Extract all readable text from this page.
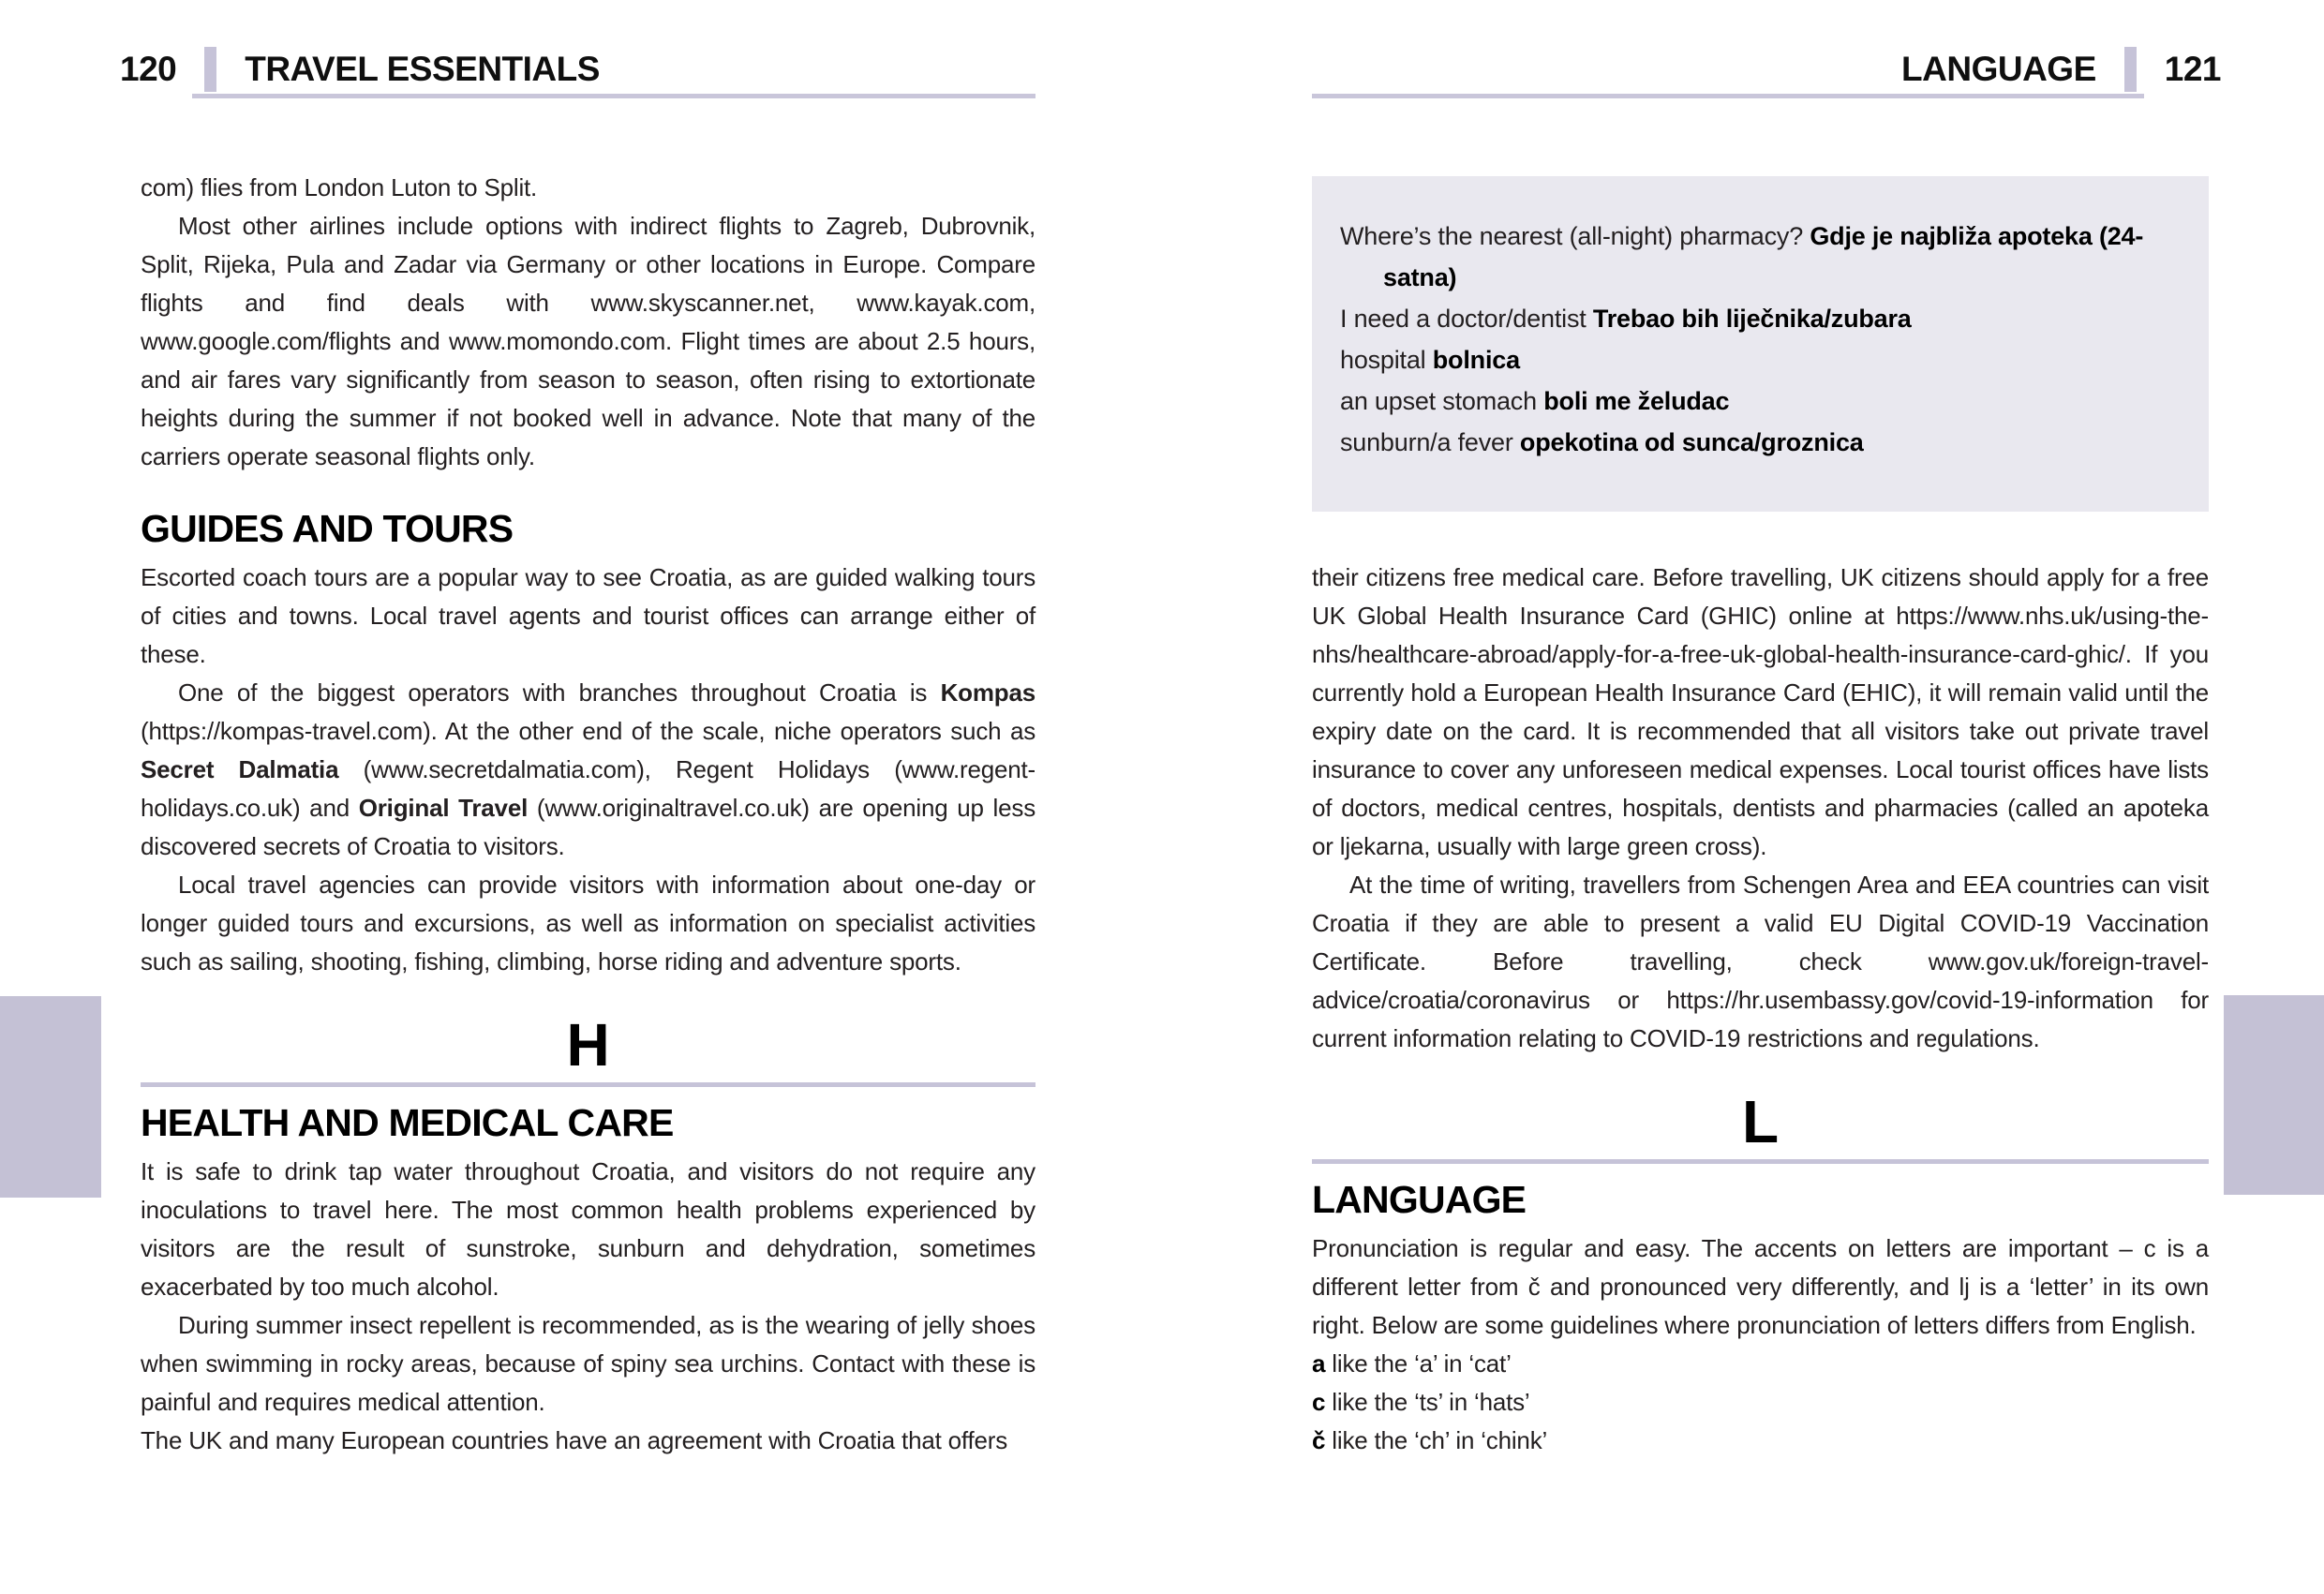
120 TRAVEL ESSENTIALS	LANGUAGE 121

com) flies from London Luton to Split.

Most other airlines include options with indirect flights to Zagreb, Dubrovnik, Split, Rijeka, Pula and Zadar via Germany or other locations in Europe. Compare flights and find deals with www.skyscanner.net, www.kayak.com, www.google.com/flights and www.momondo.com. Flight times are about 2.5 hours, and air fares vary significantly from season to season, often rising to extortionate heights during the summer if not booked well in advance. Note that many of the carriers operate seasonal flights only.

GUIDES AND TOURS

Escorted coach tours are a popular way to see Croatia, as are guided walking tours of cities and towns. Local travel agents and tourist offices can arrange either of these.

One of the biggest operators with branches throughout Croatia is Kompas (https://kompas-travel.com). At the other end of the scale, niche operators such as Secret Dalmatia (www.secretdalmatia.com), Regent Holidays (www.regent-holidays.co.uk) and Original Travel (www.originaltravel.co.uk) are opening up less discovered secrets of Croatia to visitors.

Local travel agencies can provide visitors with information about one-day or longer guided tours and excursions, as well as information on specialist activities such as sailing, shooting, fishing, climbing, horse riding and adventure sports.

H
HEALTH AND MEDICAL CARE

It is safe to drink tap water throughout Croatia, and visitors do not require any inoculations to travel here. The most common health problems experienced by visitors are the result of sunstroke, sunburn and dehydration, sometimes exacerbated by too much alcohol.

During summer insect repellent is recommended, as is the wearing of jelly shoes when swimming in rocky areas, because of spiny sea urchins. Contact with these is painful and requires medical attention.

The UK and many European countries have an agreement with Croatia that offers

Where’s the nearest (all-night) pharmacy? Gdje je najbliža apoteka (24-satna)
I need a doctor/dentist Trebao bih liječnika/zubara
hospital bolnica
an upset stomach boli me želudac
sunburn/a fever opekotina od sunca/groznica

their citizens free medical care. Before travelling, UK citizens should apply for a free UK Global Health Insurance Card (GHIC) online at https://www.nhs.uk/using-the-nhs/healthcare-abroad/apply-for-a-free-uk-global-health-insurance-card-ghic/. If you currently hold a European Health Insurance Card (EHIC), it will remain valid until the expiry date on the card. It is recommended that all visitors take out private travel insurance to cover any unforeseen medical expenses. Local tourist offices have lists of doctors, medical centres, hospitals, dentists and pharmacies (called an apoteka or ljekarna, usually with large green cross).

At the time of writing, travellers from Schengen Area and EEA countries can visit Croatia if they are able to present a valid EU Digital COVID-19 Vaccination Certificate. Before travelling, check www.gov.uk/foreign-travel-advice/croatia/coronavirus or https://hr.usembassy.gov/covid-19-information for current information relating to COVID-19 restrictions and regulations.

L
LANGUAGE

Pronunciation is regular and easy. The accents on letters are important – c is a different letter from č and pronounced very differently, and lj is a ‘letter’ in its own right. Below are some guidelines where pronunciation of letters differs from English.

a like the ‘a’ in ‘cat’

c like the ‘ts’ in ‘hats’

č like the ‘ch’ in ‘chink’
